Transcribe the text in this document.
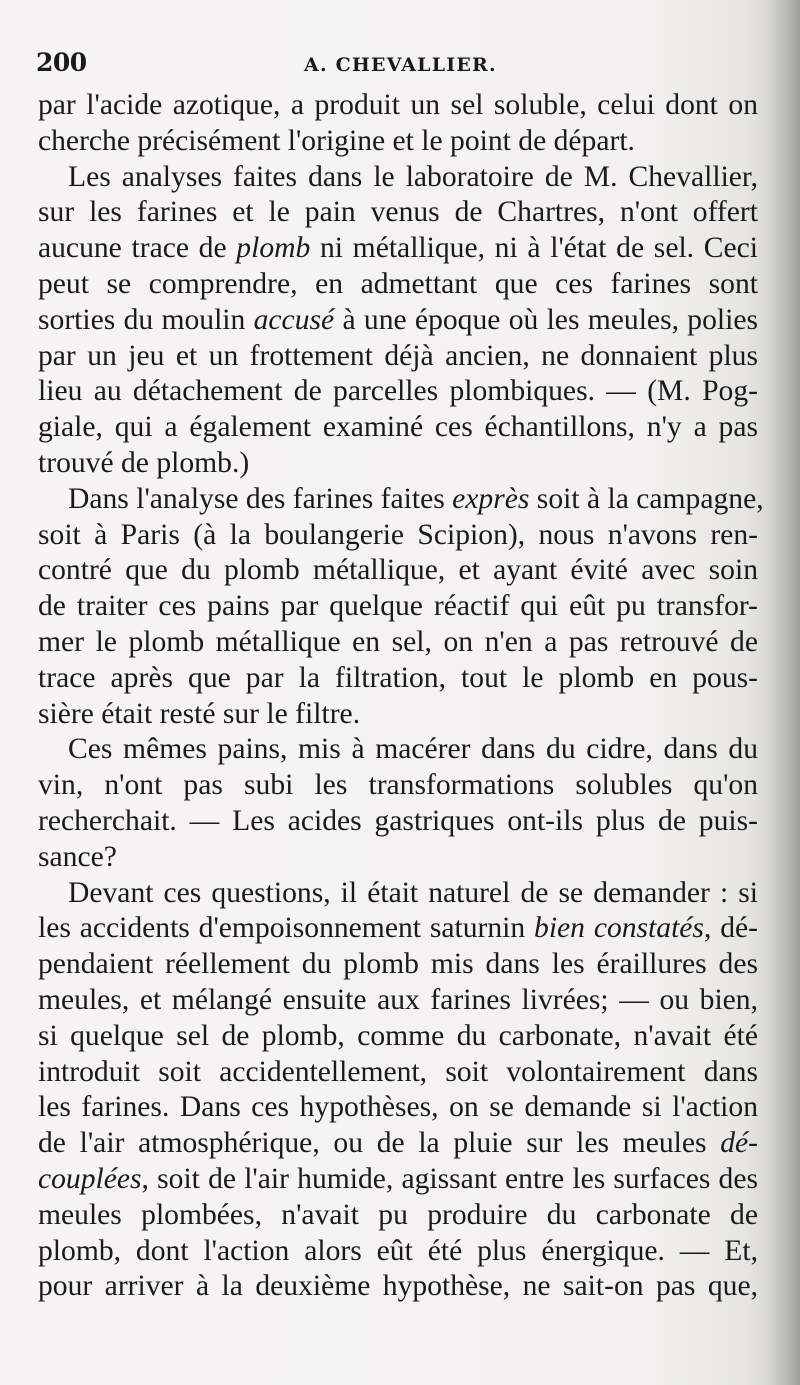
200	A. CHEVALLIER.
par l'acide azotique, a produit un sel soluble, celui dont on
cherche précisément l'origine et le point de départ.
Les analyses faites dans le laboratoire de M. Chevallier,
sur les farines et le pain venus de Chartres, n'ont offert
aucune trace de plomb ni métallique, ni à l'état de sel. Ceci
peut se comprendre, en admettant que ces farines sont
sorties du moulin accusé à une époque où les meules, polies
par un jeu et un frottement déjà ancien, ne donnaient plus
lieu au détachement de parcelles plombiques. — (M. Pog-
giale, qui a également examiné ces échantillons, n'y a pas
trouvé de plomb.)
Dans l'analyse des farines faites exprès soit à la campagne,
soit à Paris (à la boulangerie Scipion), nous n'avons ren-
contré que du plomb métallique, et ayant évité avec soin
de traiter ces pains par quelque réactif qui eût pu transfor-
mer le plomb métallique en sel, on n'en a pas retrouvé de
trace après que par la filtration, tout le plomb en pous-
sière était resté sur le filtre.
Ces mêmes pains, mis à macérer dans du cidre, dans du
vin, n'ont pas subi les transformations solubles qu'on
recherchait. — Les acides gastriques ont-ils plus de puis-
sance?
Devant ces questions, il était naturel de se demander : si
les accidents d'empoisonnement saturnin bien constatés, dé-
pendaient réellement du plomb mis dans les éraillures des
meules, et mélangé ensuite aux farines livrées; — ou bien,
si quelque sel de plomb, comme du carbonate, n'avait été
introduit soit accidentellement, soit volontairement dans
les farines. Dans ces hypothèses, on se demande si l'action
de l'air atmosphérique, ou de la pluie sur les meules dé-
couplées, soit de l'air humide, agissant entre les surfaces des
meules plombées, n'avait pu produire du carbonate de
plomb, dont l'action alors eût été plus énergique. — Et,
pour arriver à la deuxième hypothèse, ne sait-on pas que,
